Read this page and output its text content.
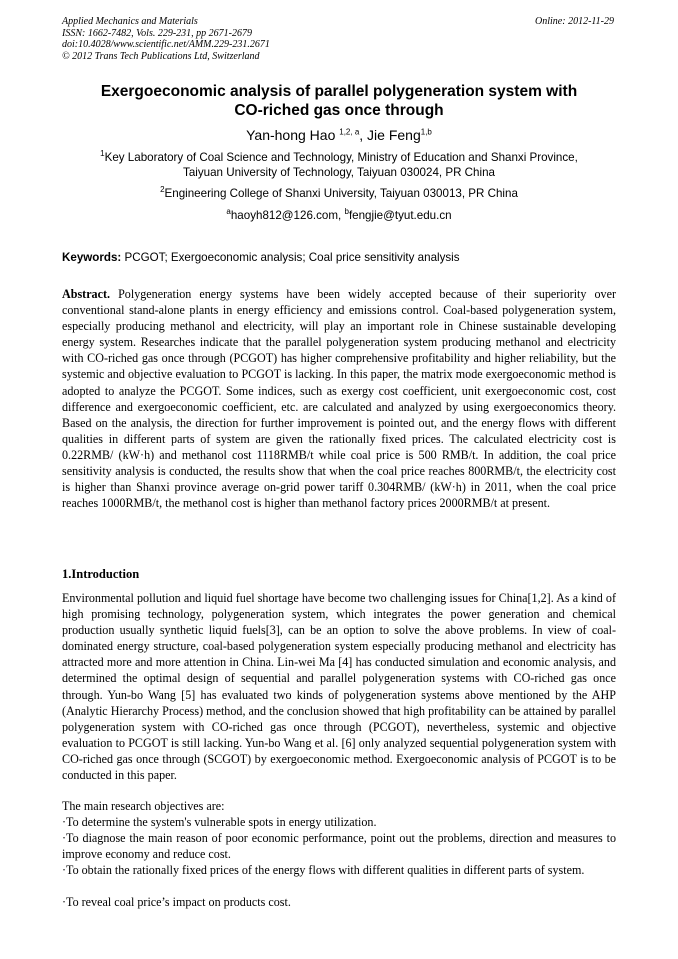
Applied Mechanics and Materials
ISSN: 1662-7482, Vols. 229-231, pp 2671-2679
doi:10.4028/www.scientific.net/AMM.229-231.2671
© 2012 Trans Tech Publications Ltd, Switzerland
Online: 2012-11-29
Exergoeconomic analysis of parallel polygeneration system with
CO-riched gas once through
Yan-hong Hao $^{1,2, a}$, Jie Feng$^{1,b}$
$^1$Key Laboratory of Coal Science and Technology, Ministry of Education and Shanxi Province,
Taiyuan University of Technology, Taiyuan 030024, PR China
$^2$Engineering College of Shanxi University, Taiyuan 030013, PR China
$^a$haoyh812@126.com, $^b$fengjie@tyut.edu.cn
Keywords: PCGOT; Exergoeconomic analysis; Coal price sensitivity analysis
Abstract. Polygeneration energy systems have been widely accepted because of their superiority over conventional stand-alone plants in energy efficiency and emissions control. Coal-based polygeneration system, especially producing methanol and electricity, will play an important role in Chinese sustainable developing energy system. Researches indicate that the parallel polygeneration system producing methanol and electricity with CO-riched gas once through (PCGOT) has higher comprehensive profitability and higher reliability, but the systemic and objective evaluation to PCGOT is lacking. In this paper, the matrix mode exergoeconomic method is adopted to analyze the PCGOT. Some indices, such as exergy cost coefficient, unit exergoeconomic cost, cost difference and exergoeconomic coefficient, etc. are calculated and analyzed by using exergoeconomics theory. Based on the analysis, the direction for further improvement is pointed out, and the energy flows with different qualities in different parts of system are given the rationally fixed prices. The calculated electricity cost is 0.22RMB/ (kW·h) and methanol cost 1118RMB/t while coal price is 500 RMB/t. In addition, the coal price sensitivity analysis is conducted, the results show that when the coal price reaches 800RMB/t, the electricity cost is higher than Shanxi province average on-grid power tariff 0.304RMB/ (kW·h) in 2011, when the coal price reaches 1000RMB/t, the methanol cost is higher than methanol factory prices 2000RMB/t at present.
1.Introduction
Environmental pollution and liquid fuel shortage have become two challenging issues for China[1,2]. As a kind of high promising technology, polygeneration system, which integrates the power generation and chemical production usually synthetic liquid fuels[3], can be an option to solve the above problems. In view of coal-dominated energy structure, coal-based polygeneration system especially producing methanol and electricity has attracted more and more attention in China. Lin-wei Ma [4] has conducted simulation and economic analysis, and determined the optimal design of sequential and parallel polygeneration systems with CO-riched gas once through. Yun-bo Wang [5] has evaluated two kinds of polygeneration systems above mentioned by the AHP (Analytic Hierarchy Process) method, and the conclusion showed that high profitability can be attained by parallel polygeneration system with CO-riched gas once through (PCGOT), nevertheless, systemic and objective evaluation to PCGOT is still lacking. Yun-bo Wang et al. [6] only analyzed sequential polygeneration system with CO-riched gas once through (SCGOT) by exergoeconomic method. Exergoeconomic analysis of PCGOT is to be conducted in this paper.
The main research objectives are:
·To determine the system's vulnerable spots in energy utilization.
·To diagnose the main reason of poor economic performance, point out the problems, direction and measures to improve economy and reduce cost.
·To obtain the rationally fixed prices of the energy flows with different qualities in different parts of system.
·To reveal coal price’s impact on products cost.
